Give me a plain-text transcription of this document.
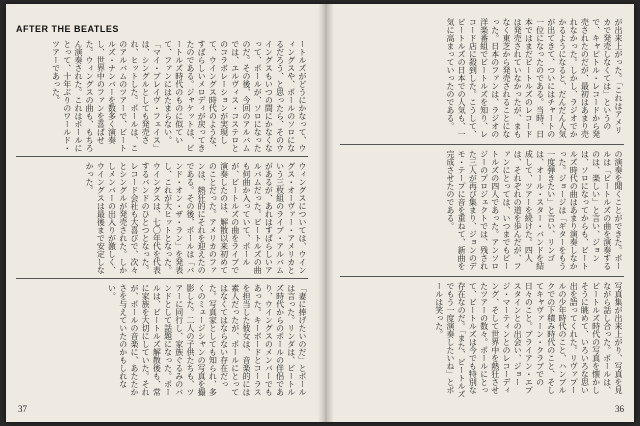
AFTER THE BEATLES
ートルズがどうにかなって、ウィングスや、ポールのソロになるだろう、と思ったら、そのウイングスもいつの間にかなくなって、ポールが、ソロになったのだ。その後、今回のアルバムでは、エルヴィス・コステロとのコラボレーションが実現して、ウイングス時代のような、すばらしいメロディが戻ってきたのである。ジャケットは、ビートルズ時代のものに似ていて、ファンにはたまらない。「マイ・ブレイヴ・フェイス」は、シングルとしても発売され、ヒットした。ポールは、このアルバムのツアーで、ビートルズ・ナンバーを数多く演奏し、世界中のファンを喜ばせた。ウィングスの曲も、もちろん演奏された。これはポールにとって、十年ぶりのワールド・ツアーであった。
ウィングスについては、ウイングス・オーヴァー・アメリカという三枚組のライブ・アルバムがあるが、あれはすばらしいアルバムだった。ビートルズの曲も何曲か入っていて、ポールが、ビートルズの曲をライブで演奏したのは、解散以来初めてのことだった。アメリカのファンは、熱狂的にそれを迎えたのである。その後、ポールは「バンド・オン・ザ・ラン」を発表し、これが大ヒットとなった。ウイングスは、七〇年代を代表するバンドのひとつとなった。レコード会社も大喜びで、次々とシングルが発売された。しかしメンバーの出入りが激しく、ウイングスは最後まで安定しなかった。
「妻に捧げたいのだ」とポールは言った。リンダは、ビートルズ時代からのポールの伴侶であり、ウイングスのメンバーでもあった。キーボードとコーラスを担当した彼女は、音楽的には素人だったが、ポールにとってはなくてはならない存在だった。写真家としても知られ、多くのミュージシャンの写真を撮影した。二人の子供たちも、ツアーに同行し、家族ぐるみのバンドとして話題になった。ポールは、ビートルズ解散後も、常に家族を大切にしていた。それが、ポールの音楽に、あたたかさを与えていたのかもしれない。
37
が出来上がった。「これはアメリカで発売しなくては」というので、キャピトル・レコードから発売されたのだが、最初はあまり売れなかった。しかし、ラジオでかかるようになると、だんだん人気が出てきて、ついにはチャートの一位になったのである。当時、日本ではまだビートルズのレコードは発売されていなかったが、まもなく東芝から発売されることになった。日本のファンは、ラジオの洋楽番組でビートルズを知り、レコード店に殺到した。こうして、ビートルズの日本での人気も、一気に高まっていったのである。
の演奏を聞くことができた。ポールは「ビートルズの曲を演奏するのは、楽しい」と言い、ジョンは、ソロになってからも、ビートルズ時代の曲はあまり演奏しなかった。ジョージは「ギターをもう一度弾きたい」と言い、リンゴは、オール・スター・バンドを結成して、ツアーを続けた。四人は、それぞれの道を歩んだが、ファンにとっては、いつまでもビートルズの四人であった。アンソロジーのプロジェクトでは、残された三人が再び集まり、ジョンのデモ・テープに音を重ねて、新曲を完成させたのである。
写真集が出来上がり、写真を見ながら話し合った。ポールは、ビートルズ時代の写真を懐かしそうに眺めて、いろいろな思い出を語ってくれた。リヴァプールの少年時代のこと、ハンブルクでの下積み時代のこと、そしてキャヴァーン・クラブでの日々のこと。ブライアン・エプスタインとの出会い、ジョージ・マーティンとのレコーディング、そして世界中を熱狂させたツアーの数々。ポールにとって、ビートルズは今でも特別な存在なのだ。「また、ビートルズでもう一度演奏したいね」とポールは笑った。
36
